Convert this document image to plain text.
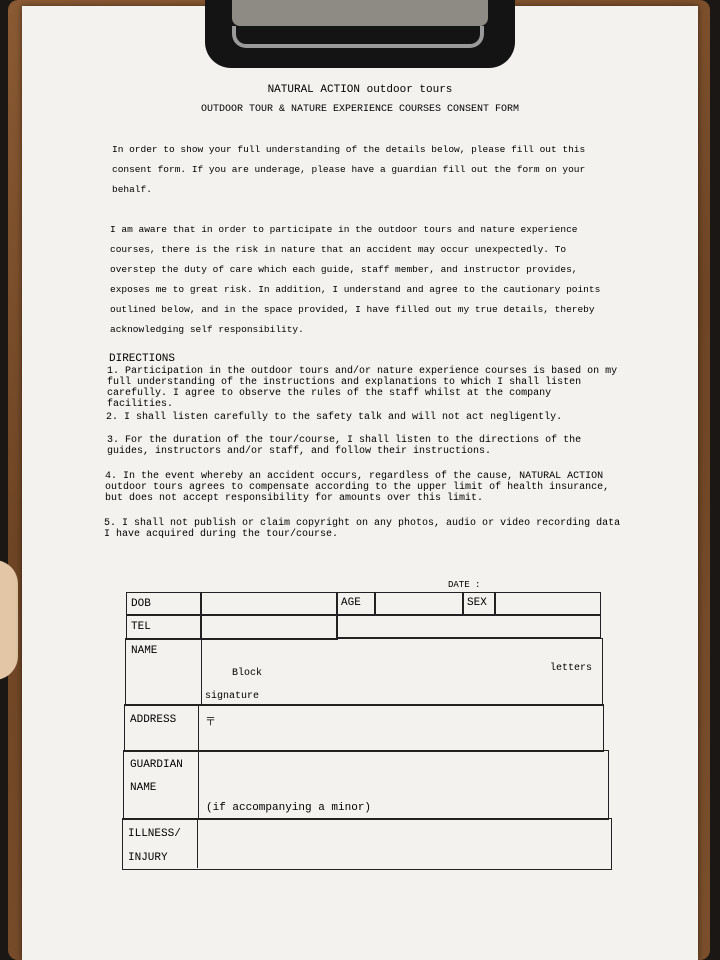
NATURAL ACTION outdoor tours
OUTDOOR TOUR & NATURE EXPERIENCE COURSES CONSENT FORM
In order to show your full understanding of the details below, please fill out this consent form. If you are underage, please have a guardian fill out the form on your behalf.
I am aware that in order to participate in the outdoor tours and nature experience courses, there is the risk in nature that an accident may occur unexpectedly. To overstep the duty of care which each guide, staff member, and instructor provides, exposes me to great risk. In addition, I understand and agree to the cautionary points outlined below, and in the space provided, I have filled out my true details, thereby acknowledging self responsibility.
DIRECTIONS
1. Participation in the outdoor tours and/or nature experience courses is based on my full understanding of the instructions and explanations to which I shall listen carefully. I agree to observe the rules of the staff whilst at the company facilities.
2. I shall listen carefully to the safety talk and will not act negligently.
3. For the duration of the tour/course, I shall listen to the directions of the guides, instructors and/or staff, and follow their instructions.
4. In the event whereby an accident occurs, regardless of the cause, NATURAL ACTION outdoor tours agrees to compensate according to the upper limit of health insurance, but does not accept responsibility for amounts over this limit.
5. I shall not publish or claim copyright on any photos, audio or video recording data I have acquired during the tour/course.
DATE :
DOB	AGE	SEX
TEL
NAME
Block	letters
signature
ADDRESS	〒
GUARDIAN
NAME
(if accompanying a minor)
ILLNESS/
INJURY
